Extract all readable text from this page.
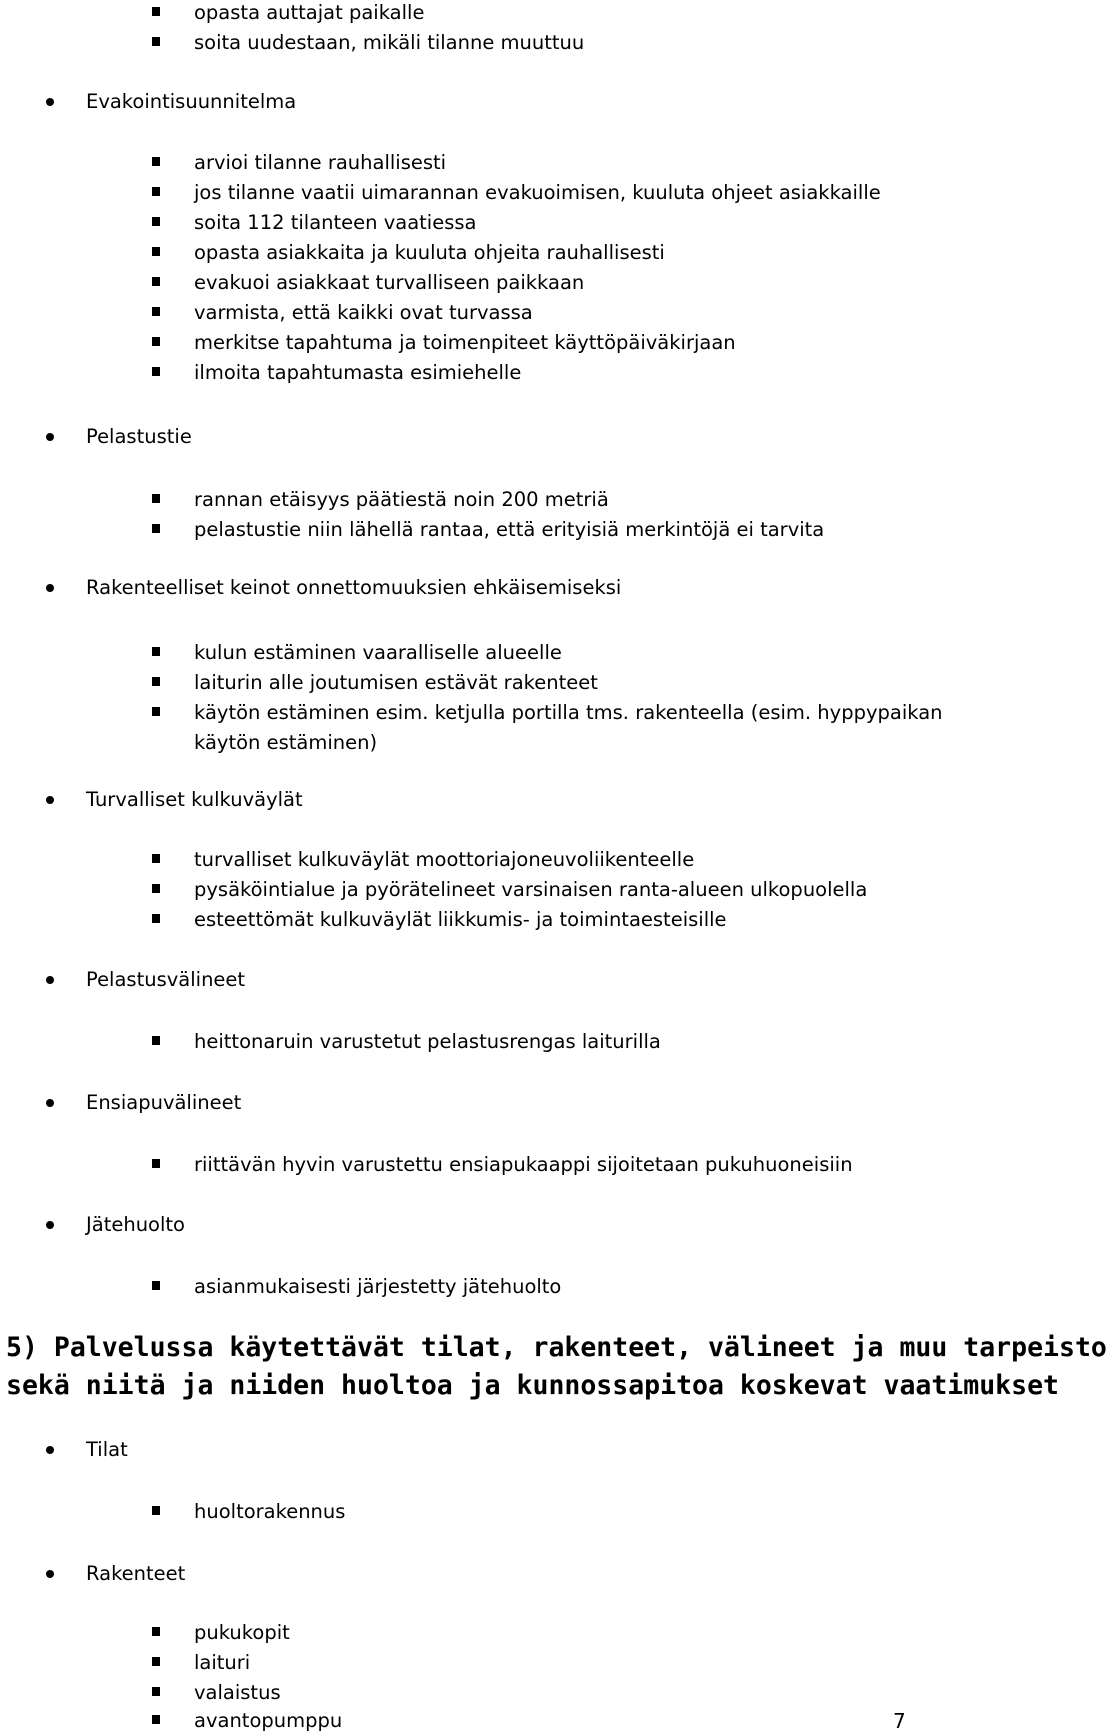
opasta auttajat paikalle
soita uudestaan, mikäli tilanne muuttuu
Evakointisuunnitelma
arvioi tilanne rauhallisesti
jos tilanne vaatii uimarannan evakuoimisen, kuuluta ohjeet asiakkaille
soita 112 tilanteen vaatiessa
opasta asiakkaita ja kuuluta ohjeita rauhallisesti
evakuoi asiakkaat turvalliseen paikkaan
varmista, että kaikki ovat turvassa
merkitse tapahtuma ja toimenpiteet käyttöpäiväkirjaan
ilmoita tapahtumasta esimiehelle
Pelastustie
rannan etäisyys päätiestä noin 200 metriä
pelastustie niin lähellä rantaa, että erityisiä merkintöjä ei tarvita
Rakenteelliset keinot onnettomuuksien ehkäisemiseksi
kulun estäminen vaaralliselle alueelle
laiturin alle joutumisen estävät rakenteet
käytön estäminen esim. ketjulla portilla tms. rakenteella (esim. hyppypaikan
käytön estäminen)
Turvalliset kulkuväylät
turvalliset kulkuväylät moottoriajoneuvoliikenteelle
pysäköintialue ja pyörätelineet varsinaisen ranta-alueen ulkopuolella
esteettömät kulkuväylät liikkumis- ja toimintaesteisille
Pelastusvälineet
heittonaruin varustetut pelastusrengas laiturilla
Ensiapuvälineet
riittävän hyvin varustettu ensiapukaappi sijoitetaan pukuhuoneisiin
Jätehuolto
asianmukaisesti järjestetty jätehuolto
5) Palvelussa käytettävät tilat, rakenteet, välineet ja muu tarpeisto
sekä niitä ja niiden huoltoa ja kunnossapitoa koskevat vaatimukset
Tilat
huoltorakennus
Rakenteet
pukukopit
laituri
valaistus
avantopumppu	7
